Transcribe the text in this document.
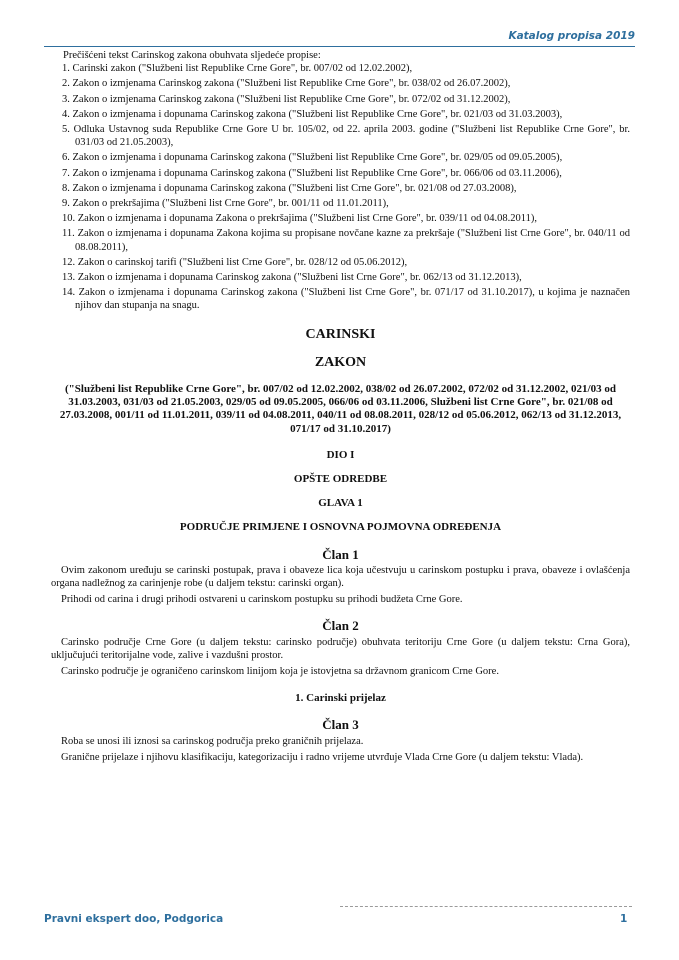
Katalog propisa 2019

Prečišćeni tekst Carinskog zakona obuhvata sljedeće propise:

1. Carinski zakon ("Službeni list Republike Crne Gore", br. 007/02 od 12.02.2002),
2. Zakon o izmjenama Carinskog zakona ("Službeni list Republike Crne Gore", br. 038/02 od 26.07.2002),
3. Zakon o izmjenama Carinskog zakona ("Službeni list Republike Crne Gore", br. 072/02 od 31.12.2002),
4. Zakon o izmjenama i dopunama Carinskog zakona ("Službeni list Republike Crne Gore", br. 021/03 od 31.03.2003),
5. Odluka Ustavnog suda Republike Crne Gore U br. 105/02, od 22. aprila 2003. godine ("Službeni list Republike Crne Gore", br. 031/03 od 21.05.2003),
6. Zakon o izmjenama i dopunama Carinskog zakona ("Službeni list Republike Crne Gore", br. 029/05 od 09.05.2005),
7. Zakon o izmjenama i dopunama Carinskog zakona ("Službeni list Republike Crne Gore", br. 066/06 od 03.11.2006),
8. Zakon o izmjenama i dopunama Carinskog zakona ("Službeni list Crne Gore", br. 021/08 od 27.03.2008),
9. Zakon o prekršajima ("Službeni list Crne Gore", br. 001/11 od 11.01.2011),
10. Zakon o izmjenama i dopunama Zakona o prekršajima ("Službeni list Crne Gore", br. 039/11 od 04.08.2011),
11. Zakon o izmjenama i dopunama Zakona kojima su propisane novčane kazne za prekršaje ("Službeni list Crne Gore", br. 040/11 od 08.08.2011),
12. Zakon o carinskoj tarifi ("Službeni list Crne Gore", br. 028/12 od 05.06.2012),
13. Zakon o izmjenama i dopunama Carinskog zakona ("Službeni list Crne Gore", br. 062/13 od 31.12.2013),
14. Zakon o izmjenama i dopunama Carinskog zakona ("Službeni list Crne Gore", br. 071/17 od 31.10.2017), u kojima je naznačen njihov dan stupanja na snagu.
CARINSKI
ZAKON
("Službeni list Republike Crne Gore", br. 007/02 od 12.02.2002, 038/02 od 26.07.2002, 072/02 od 31.12.2002, 021/03 od 31.03.2003, 031/03 od 21.05.2003, 029/05 od 09.05.2005, 066/06 od 03.11.2006, Službeni list Crne Gore", br. 021/08 od 27.03.2008, 001/11 od 11.01.2011, 039/11 od 04.08.2011, 040/11 od 08.08.2011, 028/12 od 05.06.2012, 062/13 od 31.12.2013, 071/17 od 31.10.2017)
DIO I
OPŠTE ODREDBE
GLAVA 1
PODRUČJE PRIMJENE I OSNOVNA POJMOVNA ODREĐENJA
Član 1

Ovim zakonom uređuju se carinski postupak, prava i obaveze lica koja učestvuju u carinskom postupku i prava, obaveze i ovlašćenja organa nadležnog za carinjenje robe (u daljem tekstu: carinski organ).

Prihodi od carina i drugi prihodi ostvareni u carinskom postupku su prihodi budžeta Crne Gore.

Član 2

Carinsko područje Crne Gore (u daljem tekstu: carinsko područje) obuhvata teritoriju Crne Gore (u daljem tekstu: Crna Gora), uključujući teritorijalne vode, zalive i vazdušni prostor.

Carinsko područje je ograničeno carinskom linijom koja je istovjetna sa državnom granicom Crne Gore.

1. Carinski prijelaz
Član 3

Roba se unosi ili iznosi sa carinskog područja preko graničnih prijelaza.

Granične prijelaze i njihovu klasifikaciju, kategorizaciju i radno vrijeme utvrđuje Vlada Crne Gore (u daljem tekstu: Vlada).

Pravni ekspert doo, Podgorica	1
